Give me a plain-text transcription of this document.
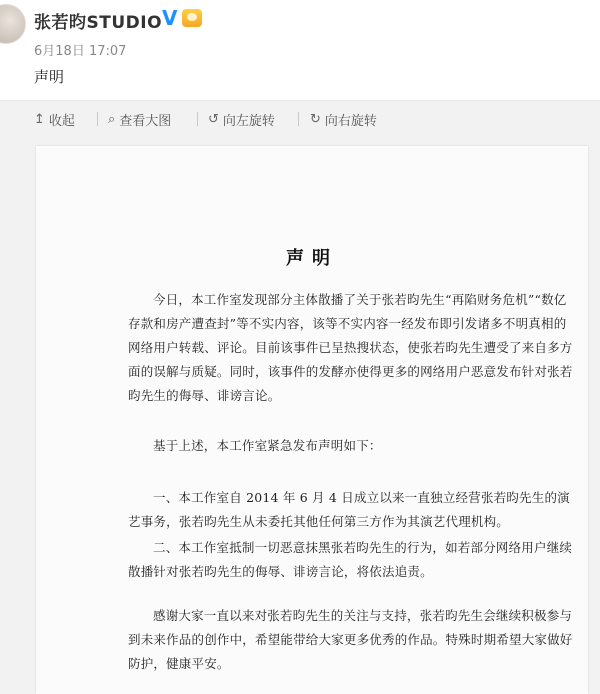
张若昀STUDIO V
6月18日 17:07
声明
↥ 收起	⌕ 查看大图	↺ 向左旋转	↻ 向右旋转
声明

今日，本工作室发现部分主体散播了关于张若昀先生“再陷财务危机”“数亿存款和房产遭查封”等不实内容，该等不实内容一经发布即引发诸多不明真相的网络用户转载、评论。目前该事件已呈热搜状态，使张若昀先生遭受了来自多方面的误解与质疑。同时，该事件的发酵亦使得更多的网络用户恶意发布针对张若昀先生的侮辱、诽谤言论。

基于上述，本工作室紧急发布声明如下：

一、本工作室自 2014 年 6 月 4 日成立以来一直独立经营张若昀先生的演艺事务，张若昀先生从未委托其他任何第三方作为其演艺代理机构。

二、本工作室抵制一切恶意抹黑张若昀先生的行为，如若部分网络用户继续散播针对张若昀先生的侮辱、诽谤言论，将依法追责。

感谢大家一直以来对张若昀先生的关注与支持，张若昀先生会继续积极参与到未来作品的创作中，希望能带给大家更多优秀的作品。特殊时期希望大家做好防护，健康平安。
